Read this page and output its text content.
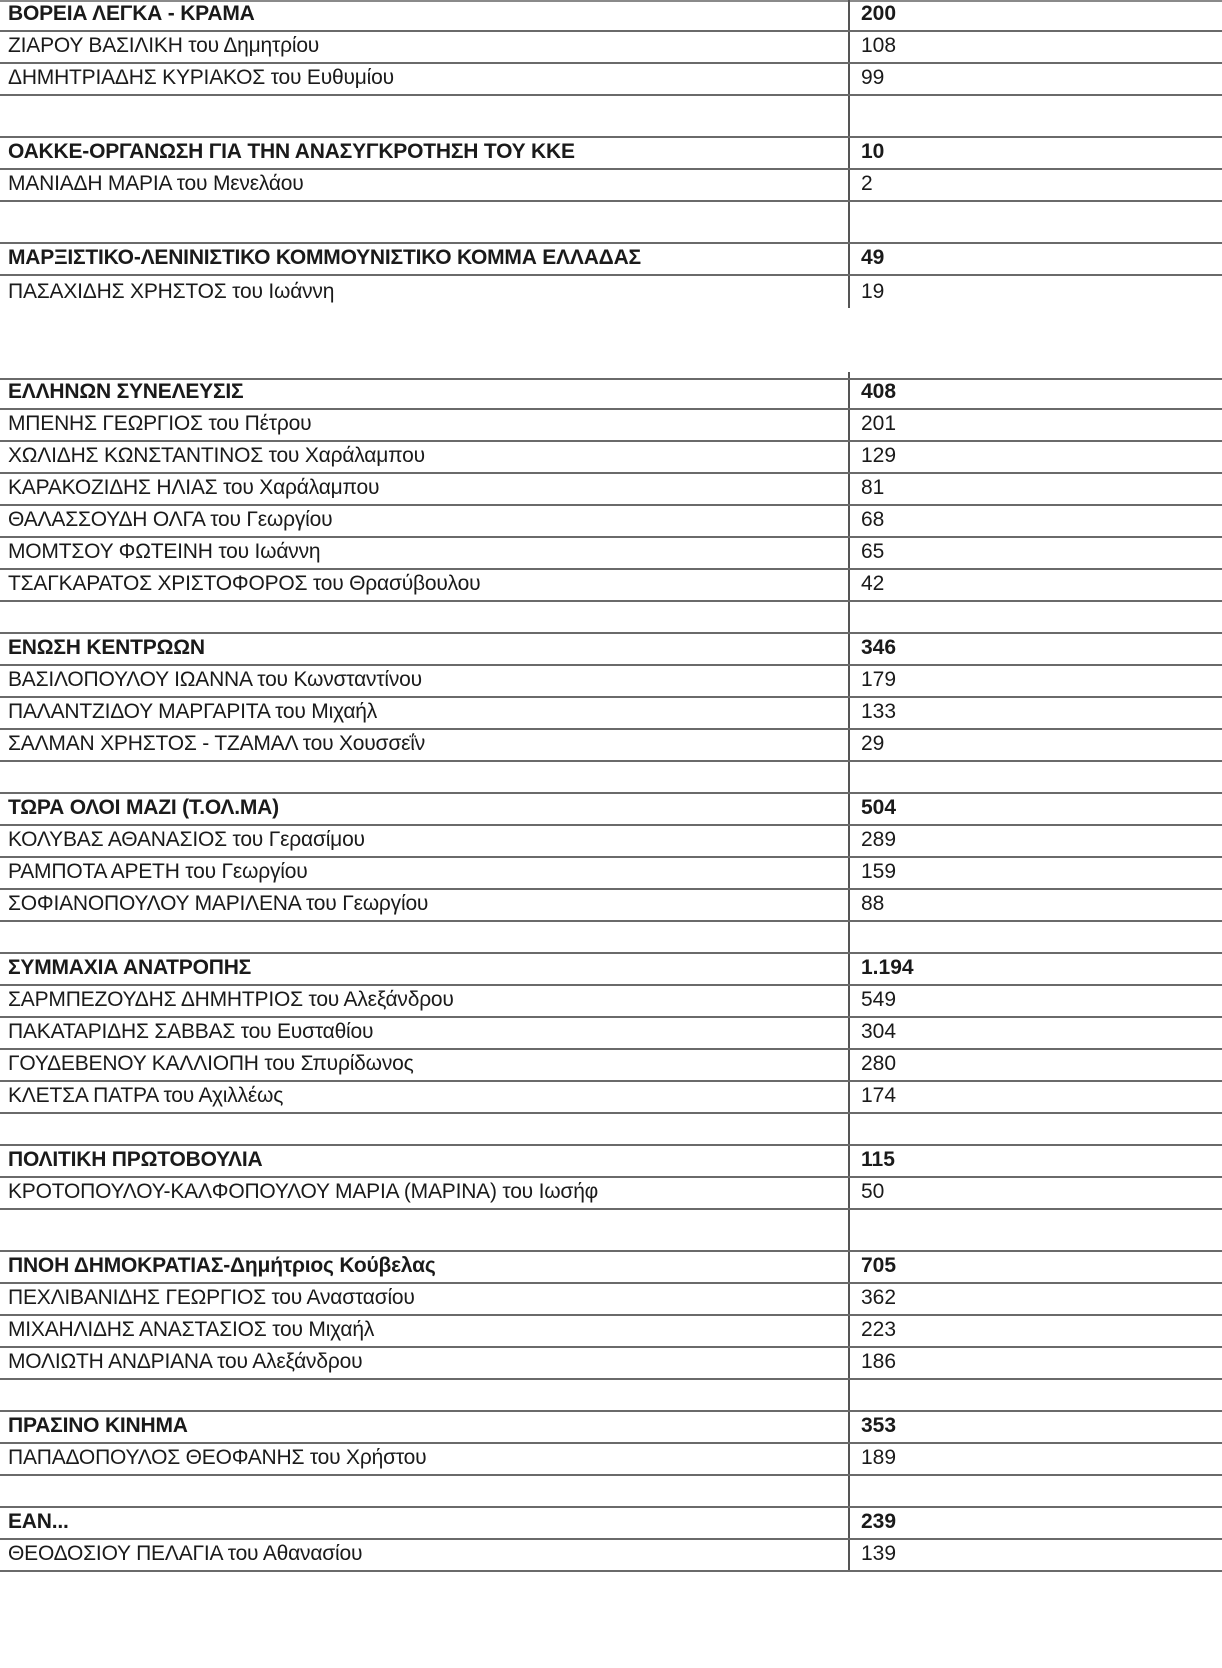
ΒΟΡΕΙΑ ΛΕΓΚΑ - ΚΡΑΜΑ	200
ΖΙΑΡΟΥ ΒΑΣΙΛΙΚΗ του Δημητρίου	108
ΔΗΜΗΤΡΙΑΔΗΣ ΚΥΡΙΑΚΟΣ του Ευθυμίου	99
ΟΑΚΚΕ-ΟΡΓΑΝΩΣΗ ΓΙΑ ΤΗΝ ΑΝΑΣΥΓΚΡΟΤΗΣΗ ΤΟΥ ΚΚΕ	10
ΜΑΝΙΑΔΗ ΜΑΡΙΑ του Μενελάου	2
ΜΑΡΞΙΣΤΙΚΟ-ΛΕΝΙΝΙΣΤΙΚΟ ΚΟΜΜΟΥΝΙΣΤΙΚΟ ΚΟΜΜΑ ΕΛΛΑΔΑΣ	49
ΠΑΣΑΧΙΔΗΣ ΧΡΗΣΤΟΣ του Ιωάννη	19
ΕΛΛΗΝΩΝ ΣΥΝΕΛΕΥΣΙΣ	408
ΜΠΕΝΗΣ ΓΕΩΡΓΙΟΣ του Πέτρου	201
ΧΩΛΙΔΗΣ ΚΩΝΣΤΑΝΤΙΝΟΣ του Χαράλαμπου	129
ΚΑΡΑΚΟΖΙΔΗΣ ΗΛΙΑΣ του Χαράλαμπου	81
ΘΑΛΑΣΣΟΥΔΗ ΟΛΓΑ του Γεωργίου	68
ΜΟΜΤΣΟΥ ΦΩΤΕΙΝΗ του Ιωάννη	65
ΤΣΑΓΚΑΡΑΤΟΣ ΧΡΙΣΤΟΦΟΡΟΣ του Θρασύβουλου	42
ΕΝΩΣΗ ΚΕΝΤΡΩΩΝ	346
ΒΑΣΙΛΟΠΟΥΛΟΥ ΙΩΑΝΝΑ του Κωνσταντίνου	179
ΠΑΛΑΝΤΖΙΔΟΥ ΜΑΡΓΑΡΙΤΑ του Μιχαήλ	133
ΣΑΛΜΑΝ ΧΡΗΣΤΟΣ - ΤΖΑΜΑΛ του Χουσσεΐν	29
ΤΩΡΑ ΟΛΟΙ ΜΑΖΙ (Τ.ΟΛ.ΜΑ)	504
ΚΟΛΥΒΑΣ ΑΘΑΝΑΣΙΟΣ του Γερασίμου	289
ΡΑΜΠΟΤΑ ΑΡΕΤΗ του Γεωργίου	159
ΣΟΦΙΑΝΟΠΟΥΛΟΥ ΜΑΡΙΛΕΝΑ του Γεωργίου	88
ΣΥΜΜΑΧΙΑ ΑΝΑΤΡΟΠΗΣ	1.194
ΣΑΡΜΠΕΖΟΥΔΗΣ ΔΗΜΗΤΡΙΟΣ του Αλεξάνδρου	549
ΠΑΚΑΤΑΡΙΔΗΣ ΣΑΒΒΑΣ του Ευσταθίου	304
ΓΟΥΔΕΒΕΝΟΥ ΚΑΛΛΙΟΠΗ του Σπυρίδωνος	280
ΚΛΕΤΣΑ ΠΑΤΡΑ του Αχιλλέως	174
ΠΟΛΙΤΙΚΗ ΠΡΩΤΟΒΟΥΛΙΑ	115
ΚΡΟΤΟΠΟΥΛΟΥ-ΚΑΛΦΟΠΟΥΛΟΥ ΜΑΡΙΑ (ΜΑΡΙΝΑ) του Ιωσήφ	50
ΠΝΟΗ ΔΗΜΟΚΡΑΤΙΑΣ-Δημήτριος Κούβελας	705
ΠΕΧΛΙΒΑΝΙΔΗΣ ΓΕΩΡΓΙΟΣ του Αναστασίου	362
ΜΙΧΑΗΛΙΔΗΣ ΑΝΑΣΤΑΣΙΟΣ του Μιχαήλ	223
ΜΟΛΙΩΤΗ ΑΝΔΡΙΑΝΑ του Αλεξάνδρου	186
ΠΡΑΣΙΝΟ ΚΙΝΗΜΑ	353
ΠΑΠΑΔΟΠΟΥΛΟΣ ΘΕΟΦΑΝΗΣ του Χρήστου	189
ΕΑΝ...	239
ΘΕΟΔΟΣΙΟΥ ΠΕΛΑΓΙΑ του Αθανασίου	139
